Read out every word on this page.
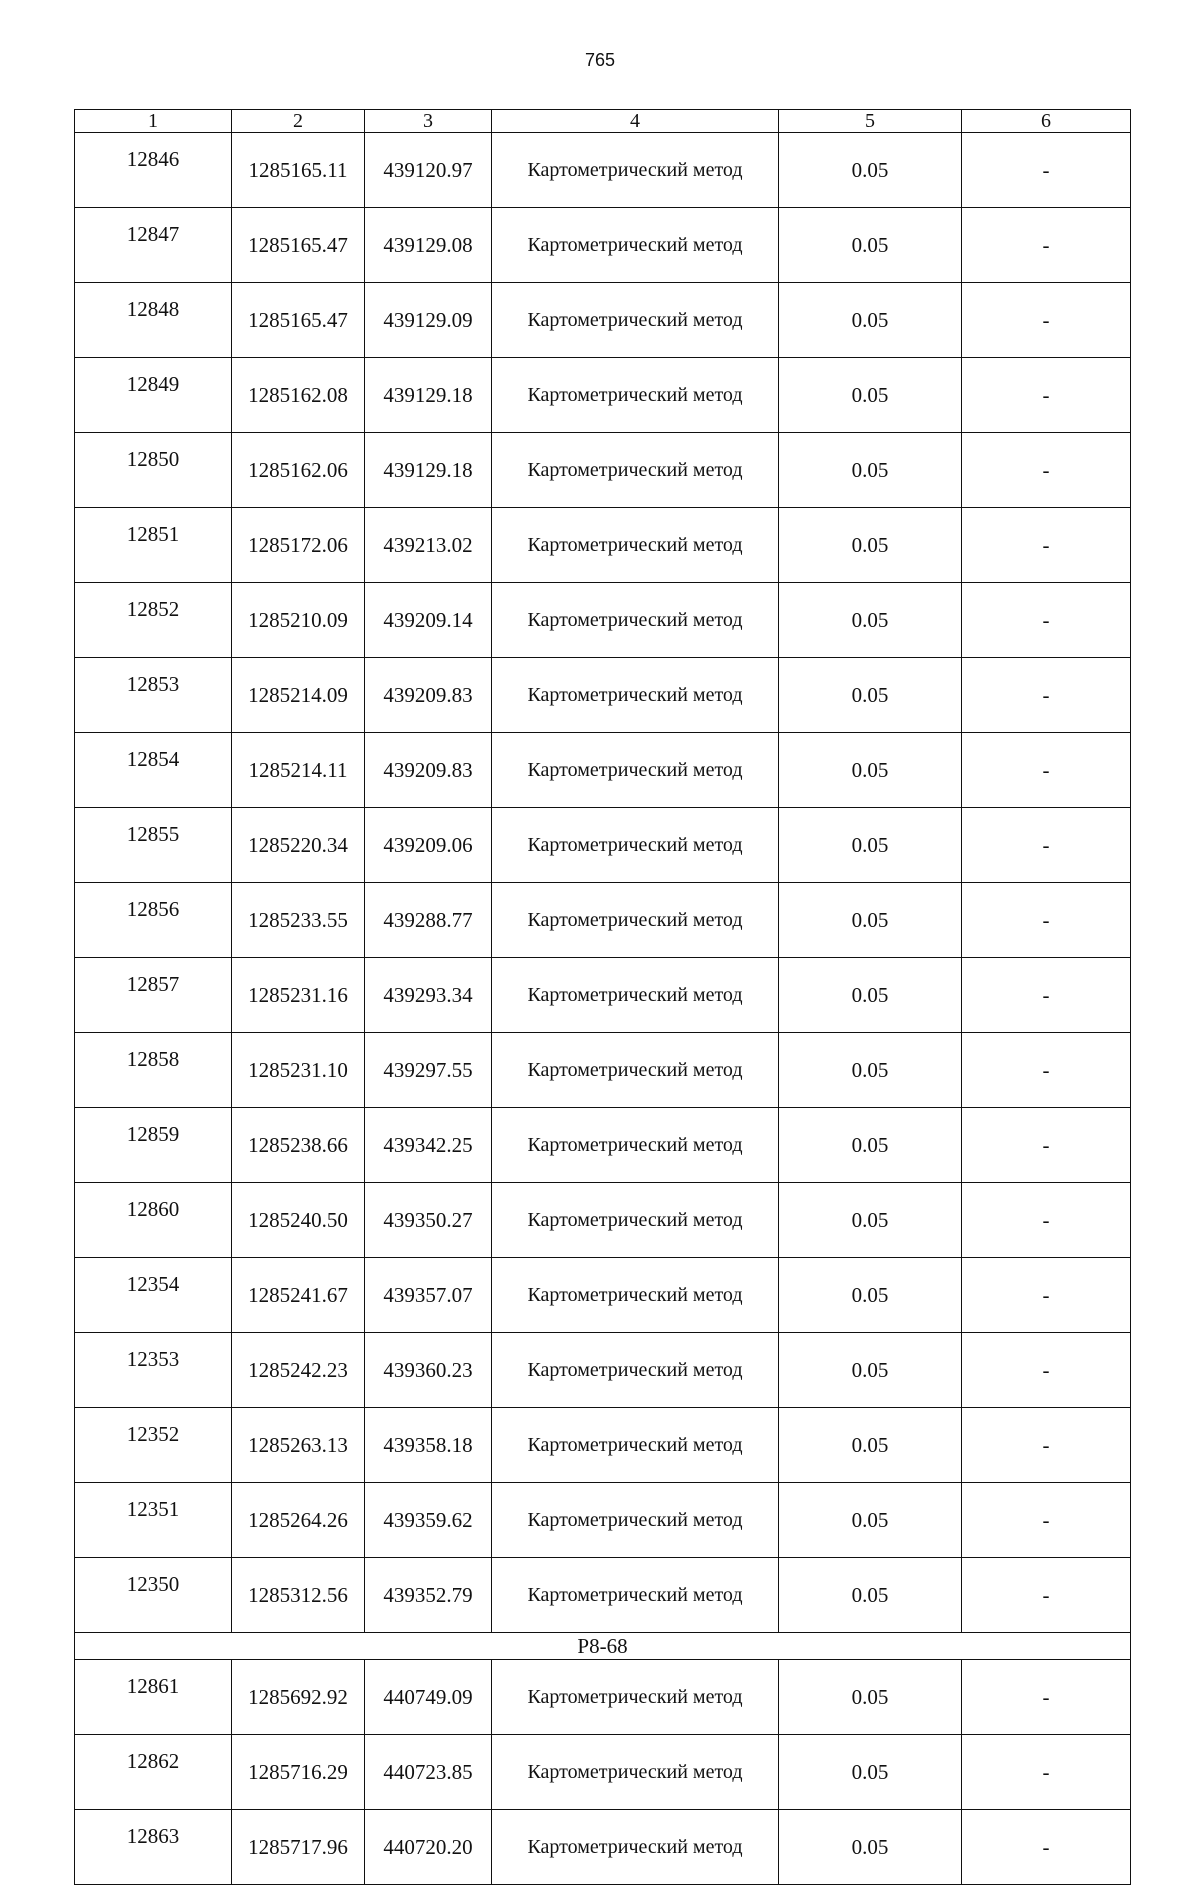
765
1	2	3	4	5	6
12846	1285165.11	439120.97	Картометрический метод	0.05	-
12847	1285165.47	439129.08	Картометрический метод	0.05	-
12848	1285165.47	439129.09	Картометрический метод	0.05	-
12849	1285162.08	439129.18	Картометрический метод	0.05	-
12850	1285162.06	439129.18	Картометрический метод	0.05	-
12851	1285172.06	439213.02	Картометрический метод	0.05	-
12852	1285210.09	439209.14	Картометрический метод	0.05	-
12853	1285214.09	439209.83	Картометрический метод	0.05	-
12854	1285214.11	439209.83	Картометрический метод	0.05	-
12855	1285220.34	439209.06	Картометрический метод	0.05	-
12856	1285233.55	439288.77	Картометрический метод	0.05	-
12857	1285231.16	439293.34	Картометрический метод	0.05	-
12858	1285231.10	439297.55	Картометрический метод	0.05	-
12859	1285238.66	439342.25	Картометрический метод	0.05	-
12860	1285240.50	439350.27	Картометрический метод	0.05	-
12354	1285241.67	439357.07	Картометрический метод	0.05	-
12353	1285242.23	439360.23	Картометрический метод	0.05	-
12352	1285263.13	439358.18	Картометрический метод	0.05	-
12351	1285264.26	439359.62	Картометрический метод	0.05	-
12350	1285312.56	439352.79	Картометрический метод	0.05	-
Р8-68					
12861	1285692.92	440749.09	Картометрический метод	0.05	-
12862	1285716.29	440723.85	Картометрический метод	0.05	-
12863	1285717.96	440720.20	Картометрический метод	0.05	-
